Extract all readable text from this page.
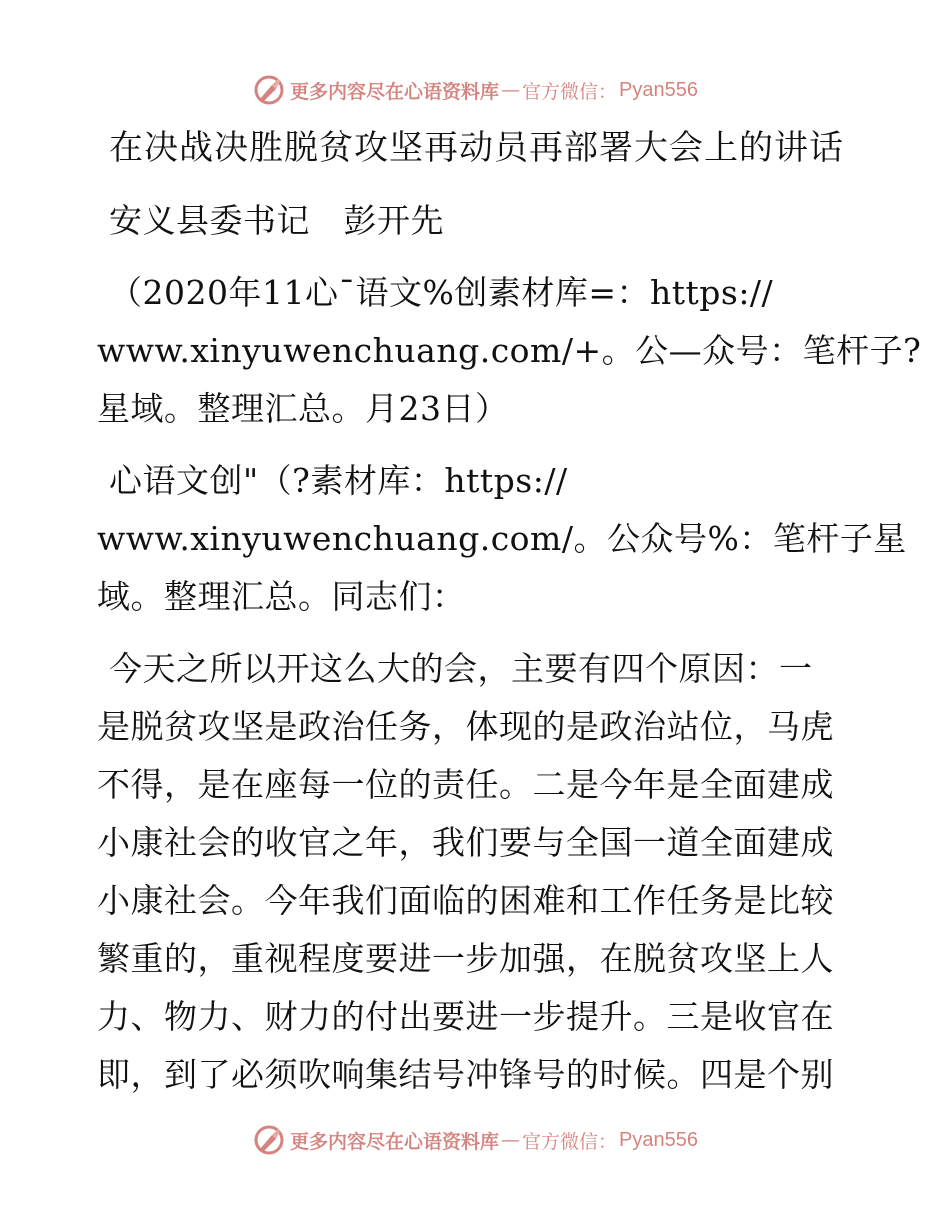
更多内容尽在心语资料库 — 官方微信： Pyan556
在决战决胜脱贫攻坚再动员再部署大会上的讲话
安义县委书记　彭开先
（2020年11心¯语文%创素材库=：https://
www.xinyuwenchuang.com/+。公—众号：笔杆子?
星域。整理汇总。月23日）
心语文创"（?素材库：https://
www.xinyuwenchuang.com/。公众号%：笔杆子星
域。整理汇总。同志们：
今天之所以开这么大的会，主要有四个原因：一
是脱贫攻坚是政治任务，体现的是政治站位，马虎
不得，是在座每一位的责任。二是今年是全面建成
小康社会的收官之年，我们要与全国一道全面建成
小康社会。今年我们面临的困难和工作任务是比较
繁重的，重视程度要进一步加强，在脱贫攻坚上人
力、物力、财力的付出要进一步提升。三是收官在
即，到了必须吹响集结号冲锋号的时候。四是个别
更多内容尽在心语资料库 — 官方微信： Pyan556
